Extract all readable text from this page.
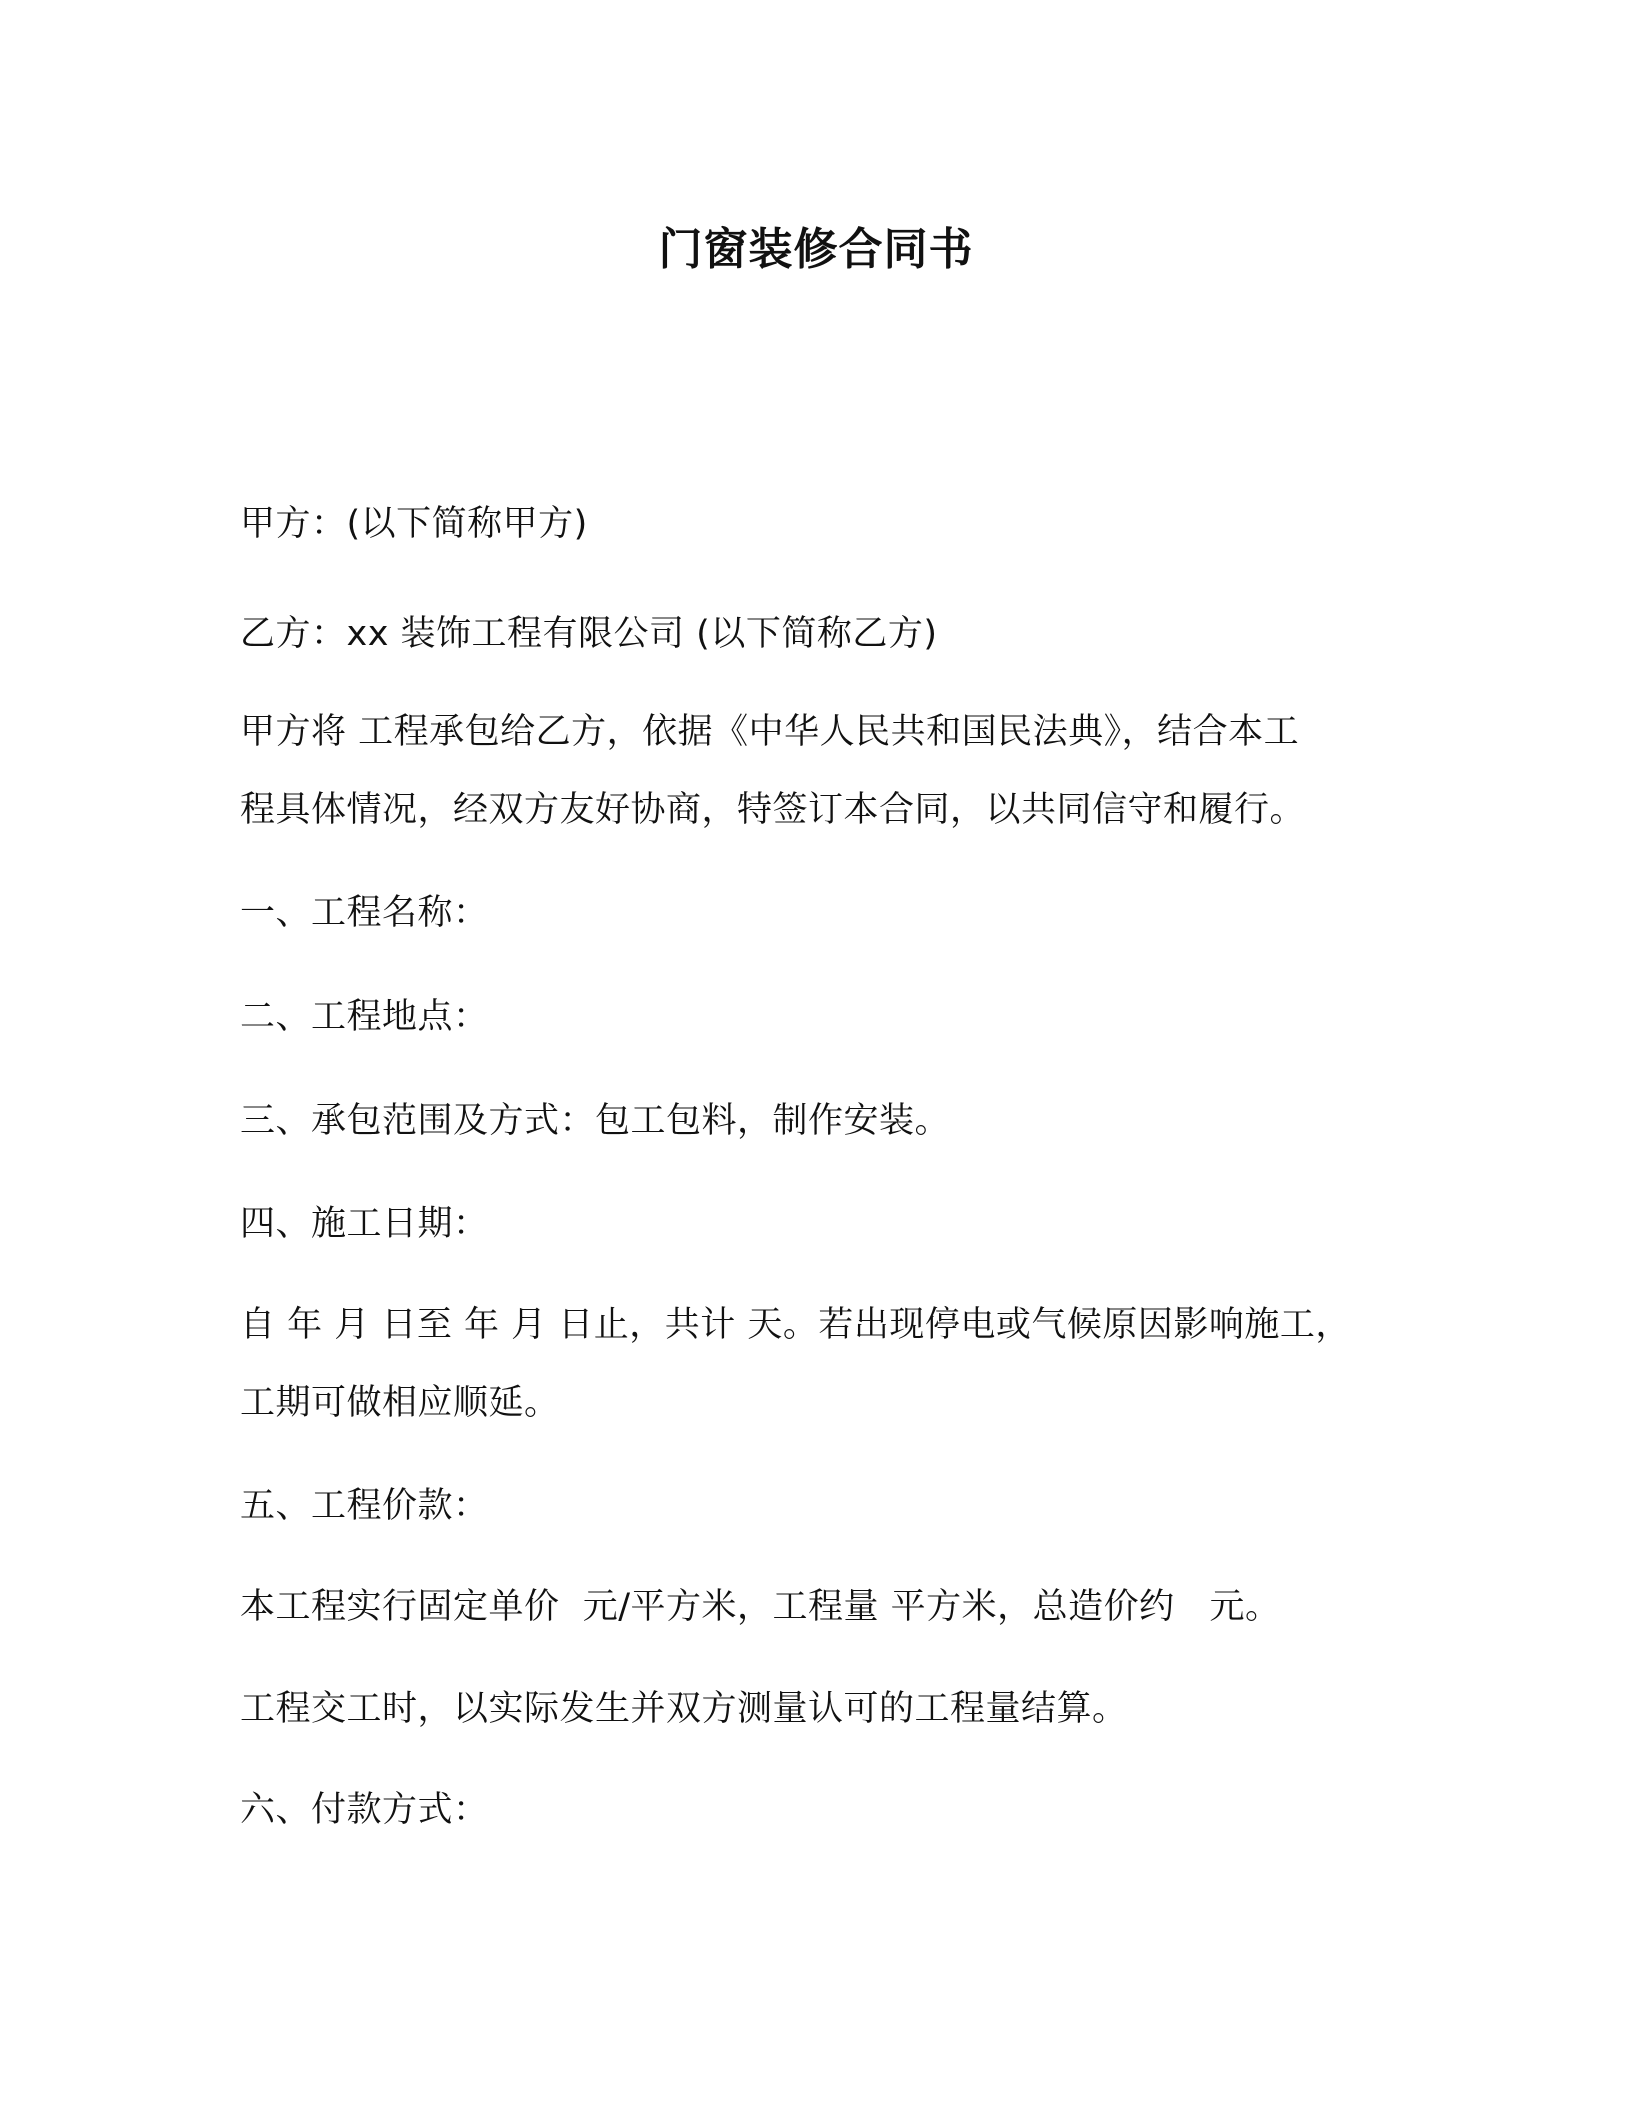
门窗装修合同书
甲方：(以下简称甲方)
乙方：xx 装饰工程有限公司 (以下简称乙方)
甲方将 工程承包给乙方，依据《中华人民共和国民法典》，结合本工
程具体情况，经双方友好协商，特签订本合同，以共同信守和履行。
一、工程名称：
二、工程地点：
三、承包范围及方式：包工包料，制作安装。
四、施工日期：
自 年 月 日至 年 月 日止，共计 天。若出现停电或气候原因影响施工，
工期可做相应顺延。
五、工程价款：
本工程实行固定单价  元/平方米，工程量 平方米，总造价约   元。
工程交工时，以实际发生并双方测量认可的工程量结算。
六、付款方式：
